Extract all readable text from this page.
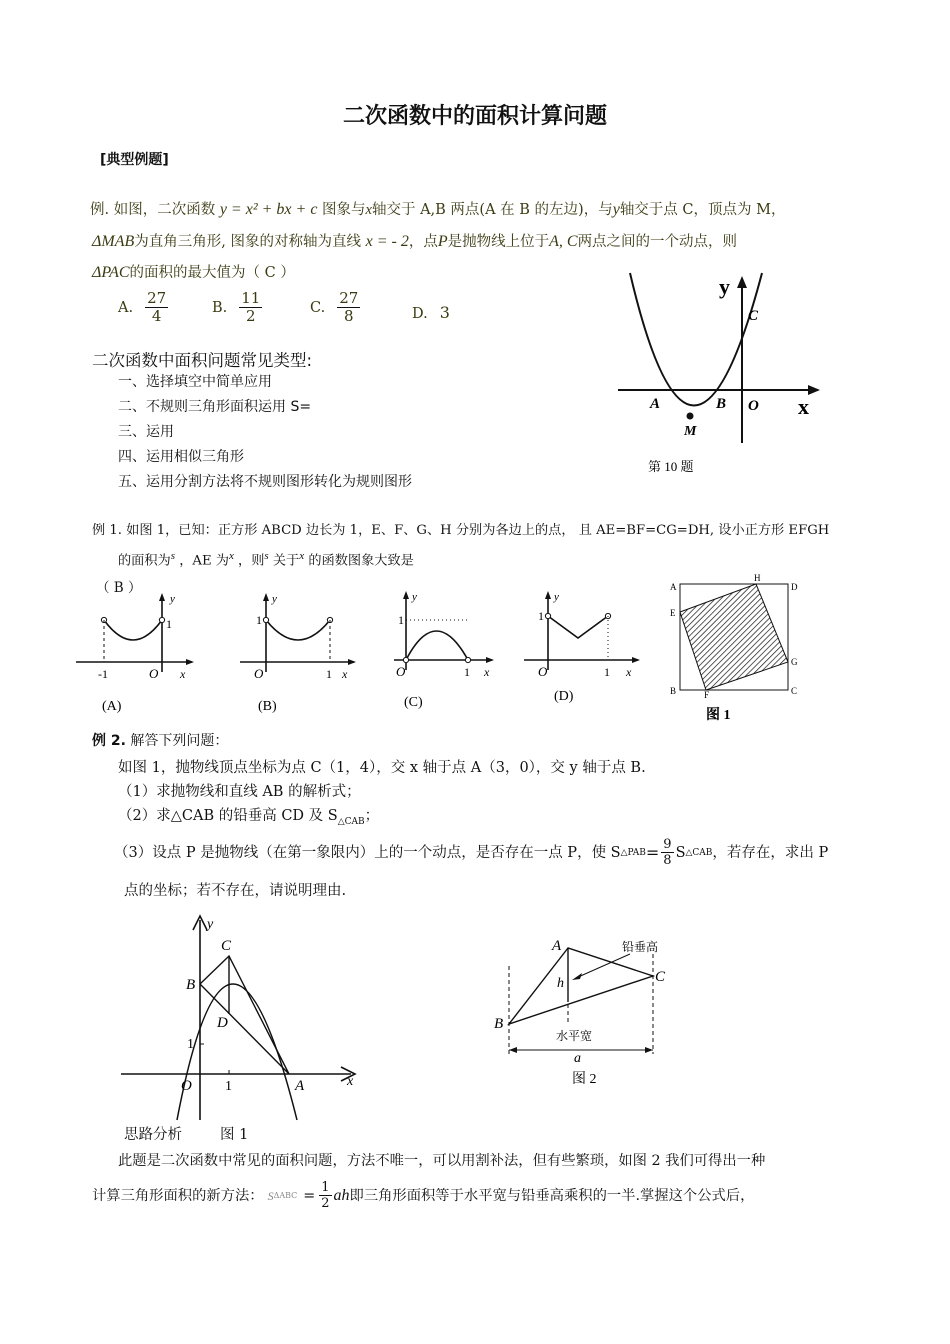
二次函数中的面积计算问题
[典型例题]
例. 如图，二次函数 y = x² + bx + c 图象与x轴交于 A,B 两点(A 在 B 的左边)，与y轴交于点 C，顶点为 M，
ΔMAB为直角三角形, 图象的对称轴为直线 x = - 2，点P是抛物线上位于A, C两点之间的一个动点，则
ΔPAC的面积的最大值为（ C ）
A. $\frac{27}{4}$	B. $\frac{11}{2}$	C. $\frac{27}{8}$	D. 3
y
C
A	B O x
M
第 10 题
二次函数中面积问题常见类型:
一、选择填空中简单应用
二、不规则三角形面积运用 S=
三、运用
四、运用相似三角形
五、运用分割方法将不规则图形转化为规则图形
例 1. 如图 1，已知：正方形 ABCD 边长为 1，E、F、G、H 分别为各边上的点， 且 AE=BF=CG=DH, 设小正方形 EFGH
的面积为$^s$ ，AE 为$^x$ ，则$^s$ 关于$^x$ 的函数图象大致是
（ B ）
y
1
-1	O x
(A)
y
1
O	1 x
(B)
y
1
O	1 x
(C)
y
1
O	1 x
(D)
A
H
D
E
G
B	F	C
图 1
例 2. 解答下列问题：
如图 1，抛物线顶点坐标为点 C（1，4），交 x 轴于点 A（3，0），交 y 轴于点 B.
（1）求抛物线和直线 AB 的解析式；
（2）求△CAB 的铅垂高 CD 及 $S_{\triangle CAB}$；
（3）设点 P 是抛物线（在第一象限内）上的一个动点，是否存在一点 P，使 S △PAB = $\frac{9}{8}$ S △CAB ，若存在，求出 P
点的坐标；若不存在，请说明理由.
y
x
C
B
D
1
O 1	A
思路分析	图 1
A
h
铅垂高
C
B
水平宽
a
图 2
此题是二次函数中常见的面积问题，方法不唯一，可以用割补法，但有些繁琐，如图 2 我们可得出一种
计算三角形面积的新方法： S $\Delta ABC = \frac{1}{2}$ ah 即三角形面积等于水平宽与铅垂高乘积的一半.掌握这个公式后，
